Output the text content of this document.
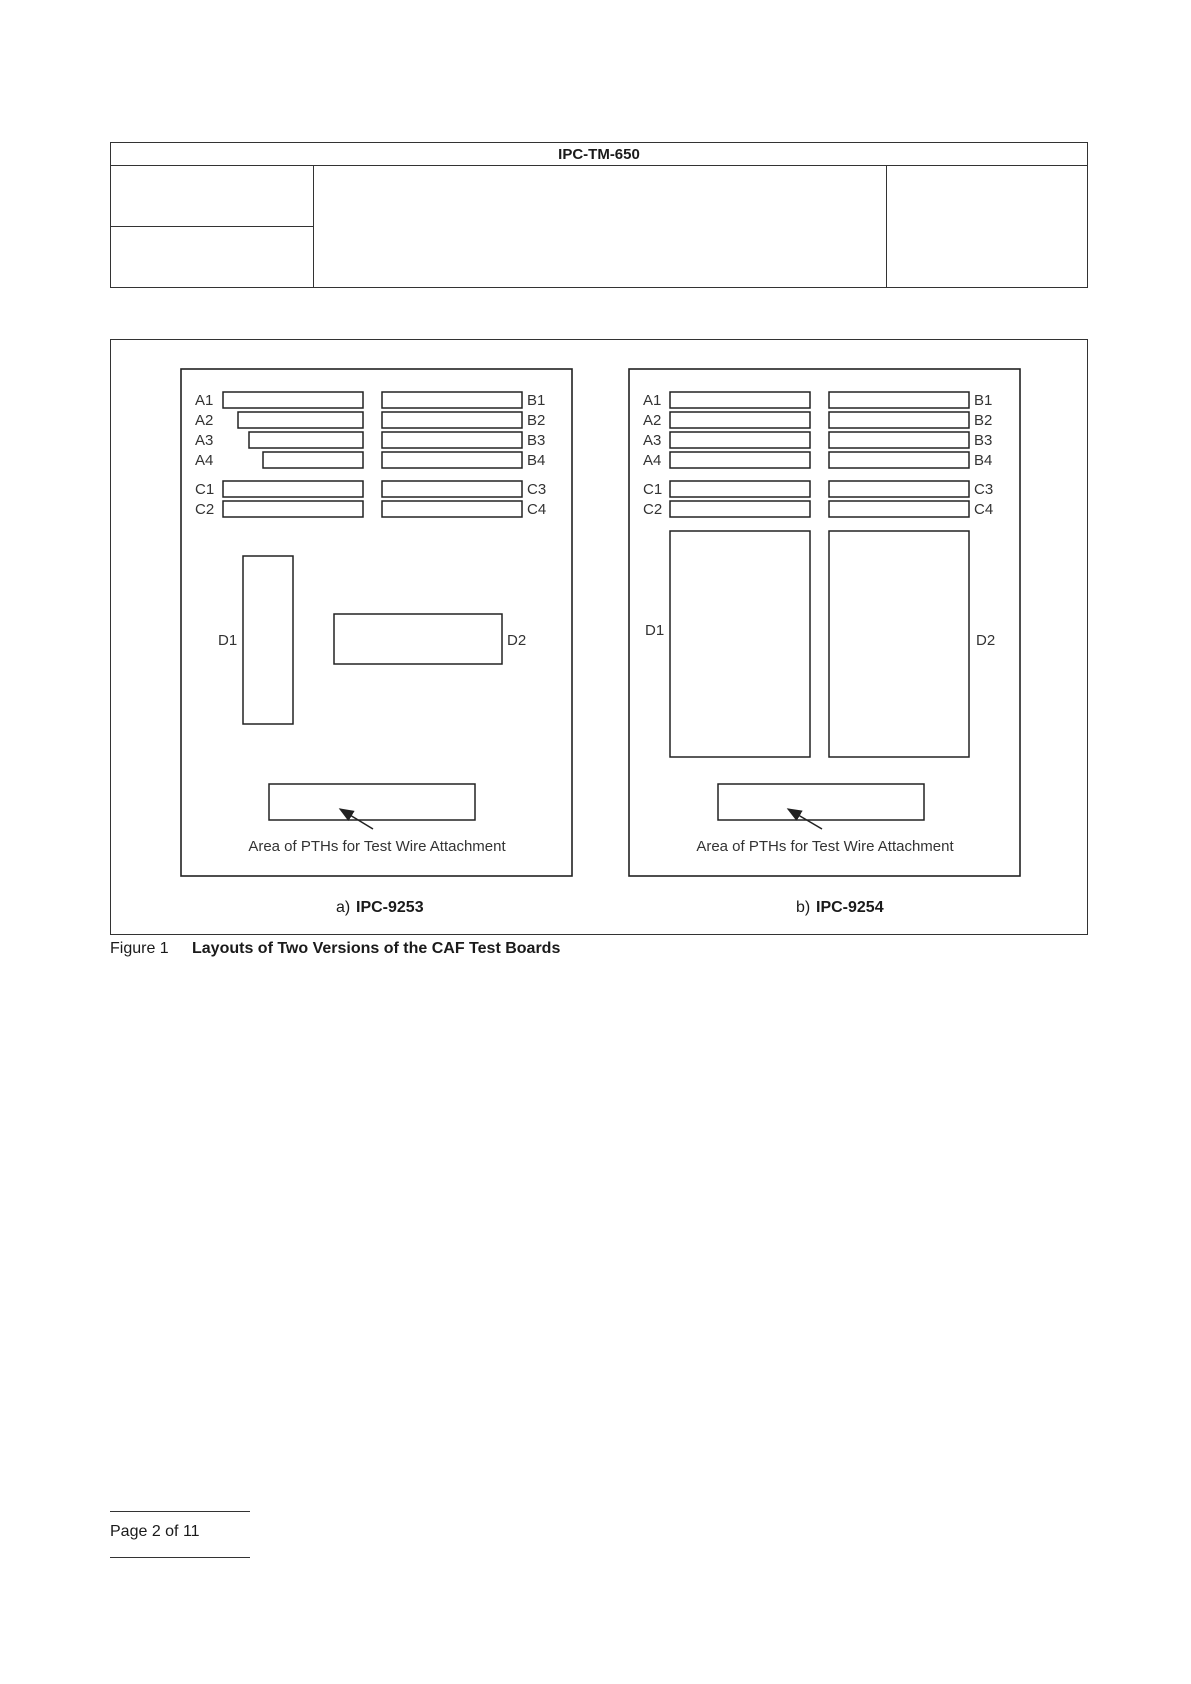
IPC-TM-650
A1
A2
A3
A4
B1
B2
B3
B4
C1
C2
C3
C4
D1	D2
Area of PTHs for Test Wire Attachment
a) IPC-9253
A1
A2
A3
A4
B1
B2
B3
B4
C1
C2
C3
C4
D1
D2
Area of PTHs for Test Wire Attachment
b) IPC-9254
Figure 1 Layouts of Two Versions of the CAF Test Boards
Page 2 of 11
